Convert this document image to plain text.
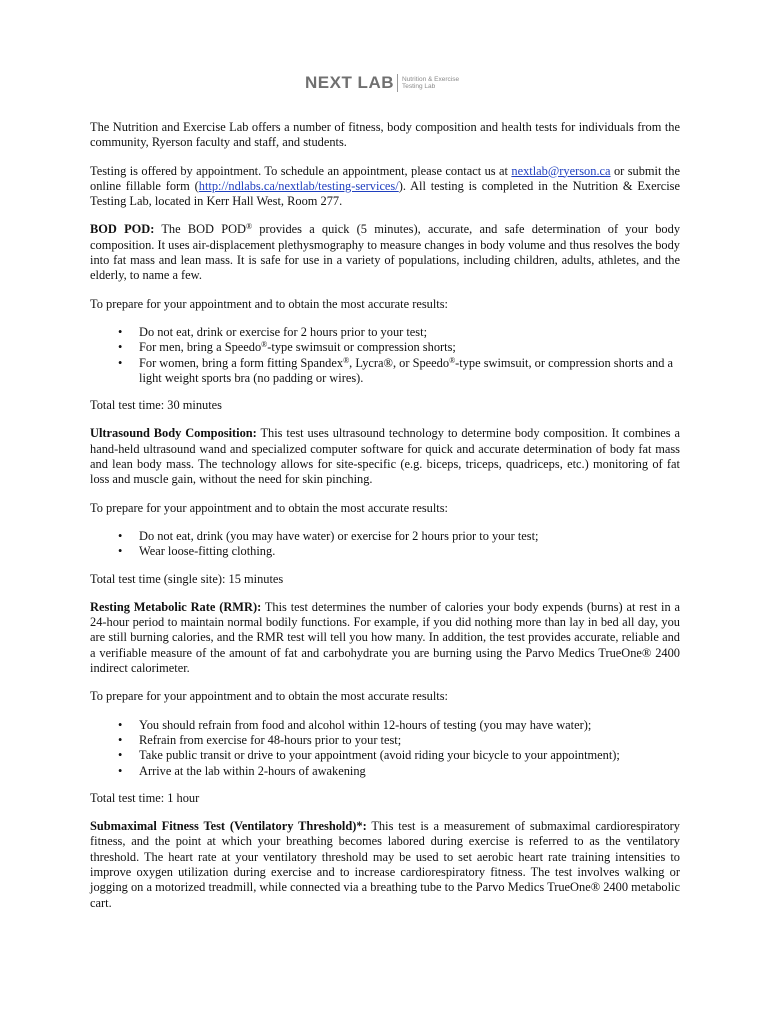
NEXT LAB Nutrition & Exercise
Testing Lab

The Nutrition and Exercise Lab offers a number of fitness, body composition and health tests for individuals from the community, Ryerson faculty and staff, and students.

Testing is offered by appointment. To schedule an appointment, please contact us at nextlab@ryerson.ca or submit the online fillable form (http://ndlabs.ca/nextlab/testing-services/). All testing is completed in the Nutrition & Exercise Testing Lab, located in Kerr Hall West, Room 277.

BOD POD: The BOD POD® provides a quick (5 minutes), accurate, and safe determination of your body composition. It uses air-displacement plethysmography to measure changes in body volume and thus resolves the body into fat mass and lean mass. It is safe for use in a variety of populations, including children, adults, athletes, and the elderly, to name a few.

To prepare for your appointment and to obtain the most accurate results:

• Do not eat, drink or exercise for 2 hours prior to your test;
• For men, bring a Speedo®-type swimsuit or compression shorts;
• For women, bring a form fitting Spandex®, Lycra®, or Speedo®-type swimsuit, or compression shorts and a light weight sports bra (no padding or wires).

Total test time: 30 minutes

Ultrasound Body Composition: This test uses ultrasound technology to determine body composition. It combines a hand-held ultrasound wand and specialized computer software for quick and accurate determination of body fat mass and lean body mass. The technology allows for site-specific (e.g. biceps, triceps, quadriceps, etc.) monitoring of fat loss and muscle gain, without the need for skin pinching.

To prepare for your appointment and to obtain the most accurate results:

• Do not eat, drink (you may have water) or exercise for 2 hours prior to your test;
• Wear loose-fitting clothing.

Total test time (single site): 15 minutes

Resting Metabolic Rate (RMR): This test determines the number of calories your body expends (burns) at rest in a 24-hour period to maintain normal bodily functions. For example, if you did nothing more than lay in bed all day, you are still burning calories, and the RMR test will tell you how many. In addition, the test provides accurate, reliable and a verifiable measure of the amount of fat and carbohydrate you are burning using the Parvo Medics TrueOne® 2400 indirect calorimeter.

To prepare for your appointment and to obtain the most accurate results:

• You should refrain from food and alcohol within 12-hours of testing (you may have water);
• Refrain from exercise for 48-hours prior to your test;
• Take public transit or drive to your appointment (avoid riding your bicycle to your appointment);
• Arrive at the lab within 2-hours of awakening

Total test time: 1 hour

Submaximal Fitness Test (Ventilatory Threshold)*: This test is a measurement of submaximal cardiorespiratory fitness, and the point at which your breathing becomes labored during exercise is referred to as the ventilatory threshold. The heart rate at your ventilatory threshold may be used to set aerobic heart rate training intensities to improve oxygen utilization during exercise and to increase cardiorespiratory fitness. The test involves walking or jogging on a motorized treadmill, while connected via a breathing tube to the Parvo Medics TrueOne® 2400 metabolic cart.
